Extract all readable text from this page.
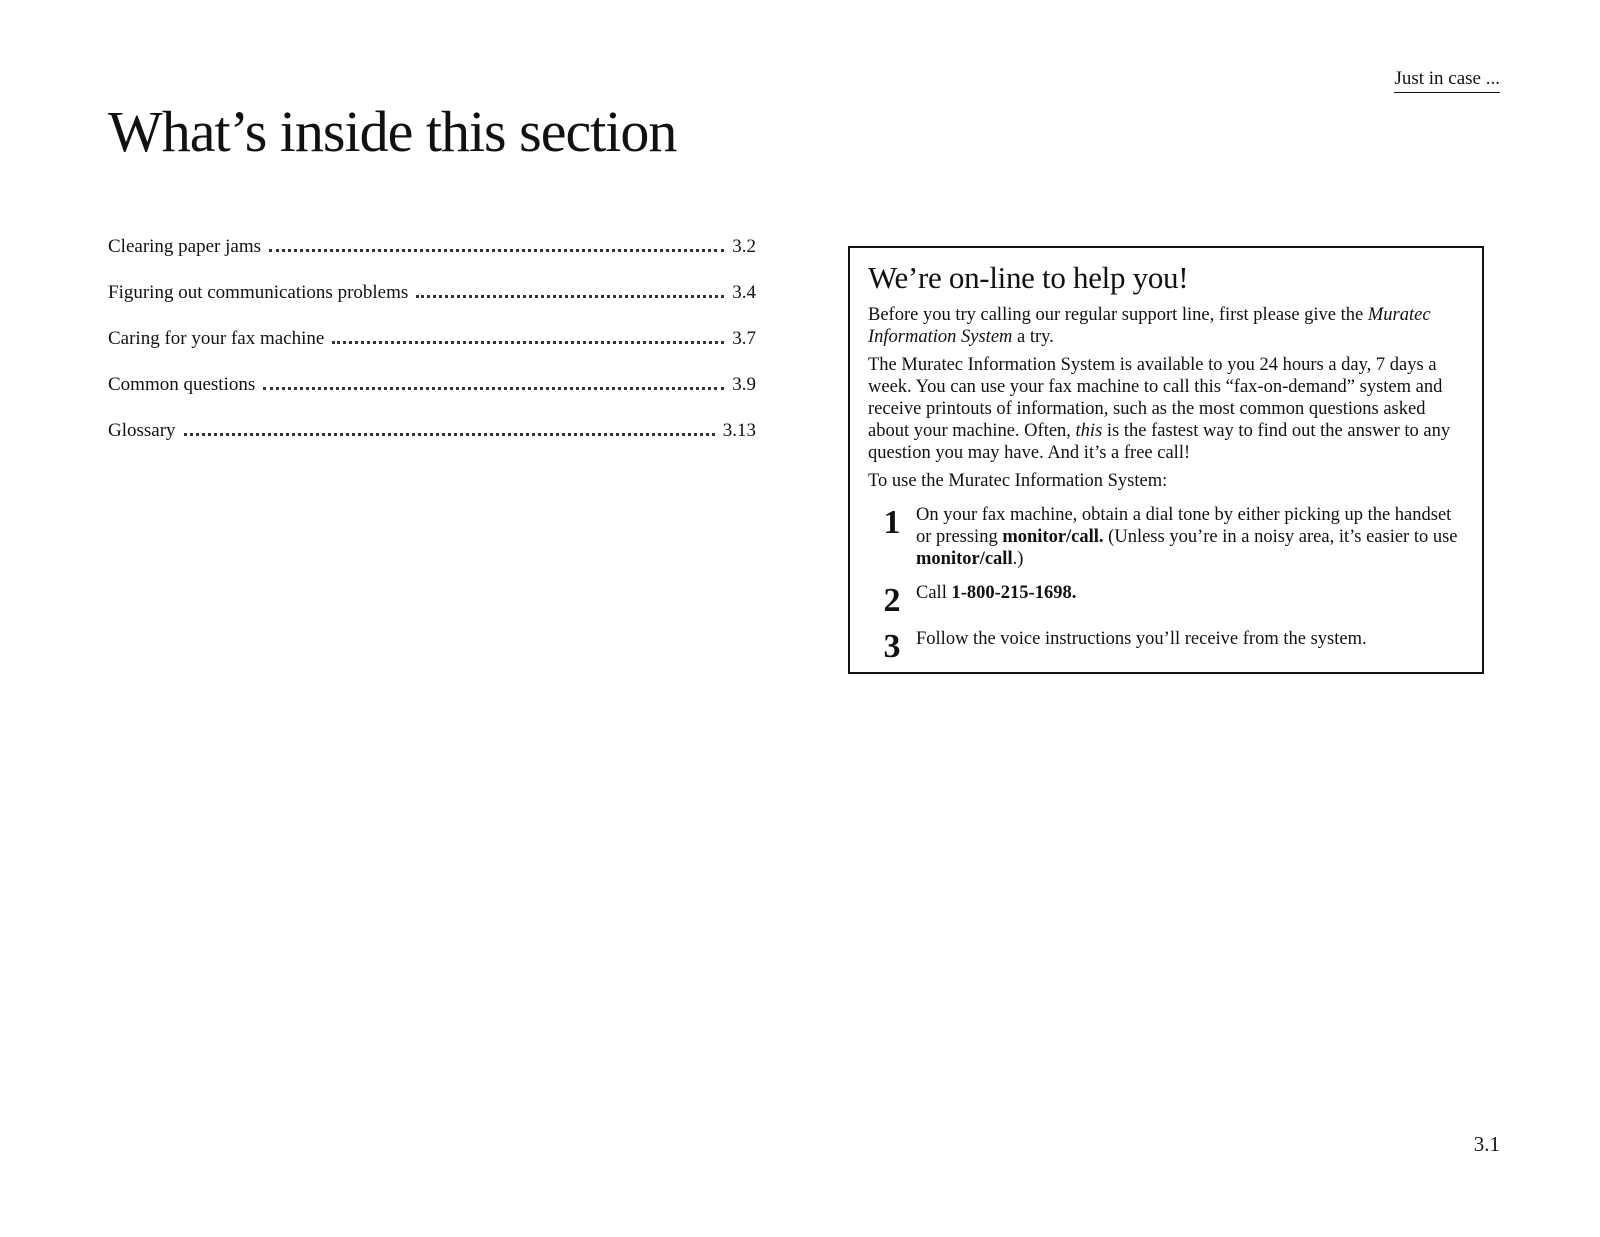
Just in case ...
What’s inside this section
Clearing paper jams	3.2
Figuring out communications problems	3.4
Caring for your fax machine	3.7
Common questions	3.9
Glossary	3.13
We’re on-line to help you!

Before you try calling our regular support line, first please give the Muratec Information System a try.

The Muratec Information System is available to you 24 hours a day, 7 days a week. You can use your fax machine to call this “fax-on-demand” system and receive printouts of information, such as the most common questions asked about your machine. Often, this is the fastest way to find out the answer to any question you may have. And it’s a free call!

To use the Muratec Information System:

1 On your fax machine, obtain a dial tone by either picking up the handset or pressing monitor/call. (Unless you’re in a noisy area, it’s easier to use monitor/call.)
2 Call 1-800-215-1698.
3 Follow the voice instructions you’ll receive from the system.
3.1
